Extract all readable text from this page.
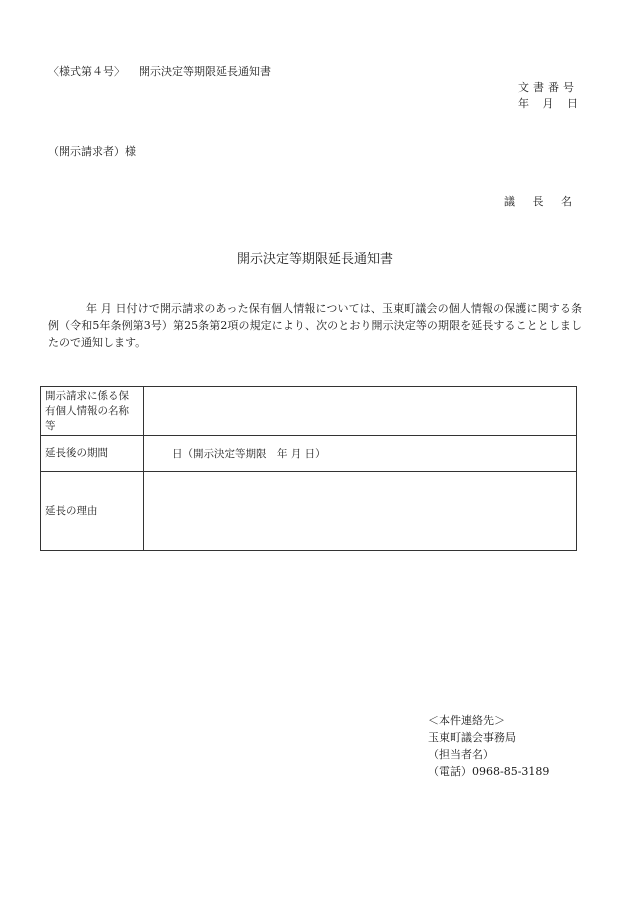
〈様式第４号〉 開示決定等期限延長通知書
文書番号
年 月 日
（開示請求者）様
議 長 名
開示決定等期限延長通知書
年 月 日付けで開示請求のあった保有個人情報については、玉東町議会の個人情報の保護に関する条例（令和5年条例第3号）第25条第2項の規定により、次のとおり開示決定等の期限を延長することとしましたので通知します。
開示請求に係る保有個人情報の名称等	
延長後の期間	日（開示決定等期限　年 月 日）
延長の理由	
＜本件連絡先＞
玉東町議会事務局
（担当者名）
（電話）0968-85-3189
